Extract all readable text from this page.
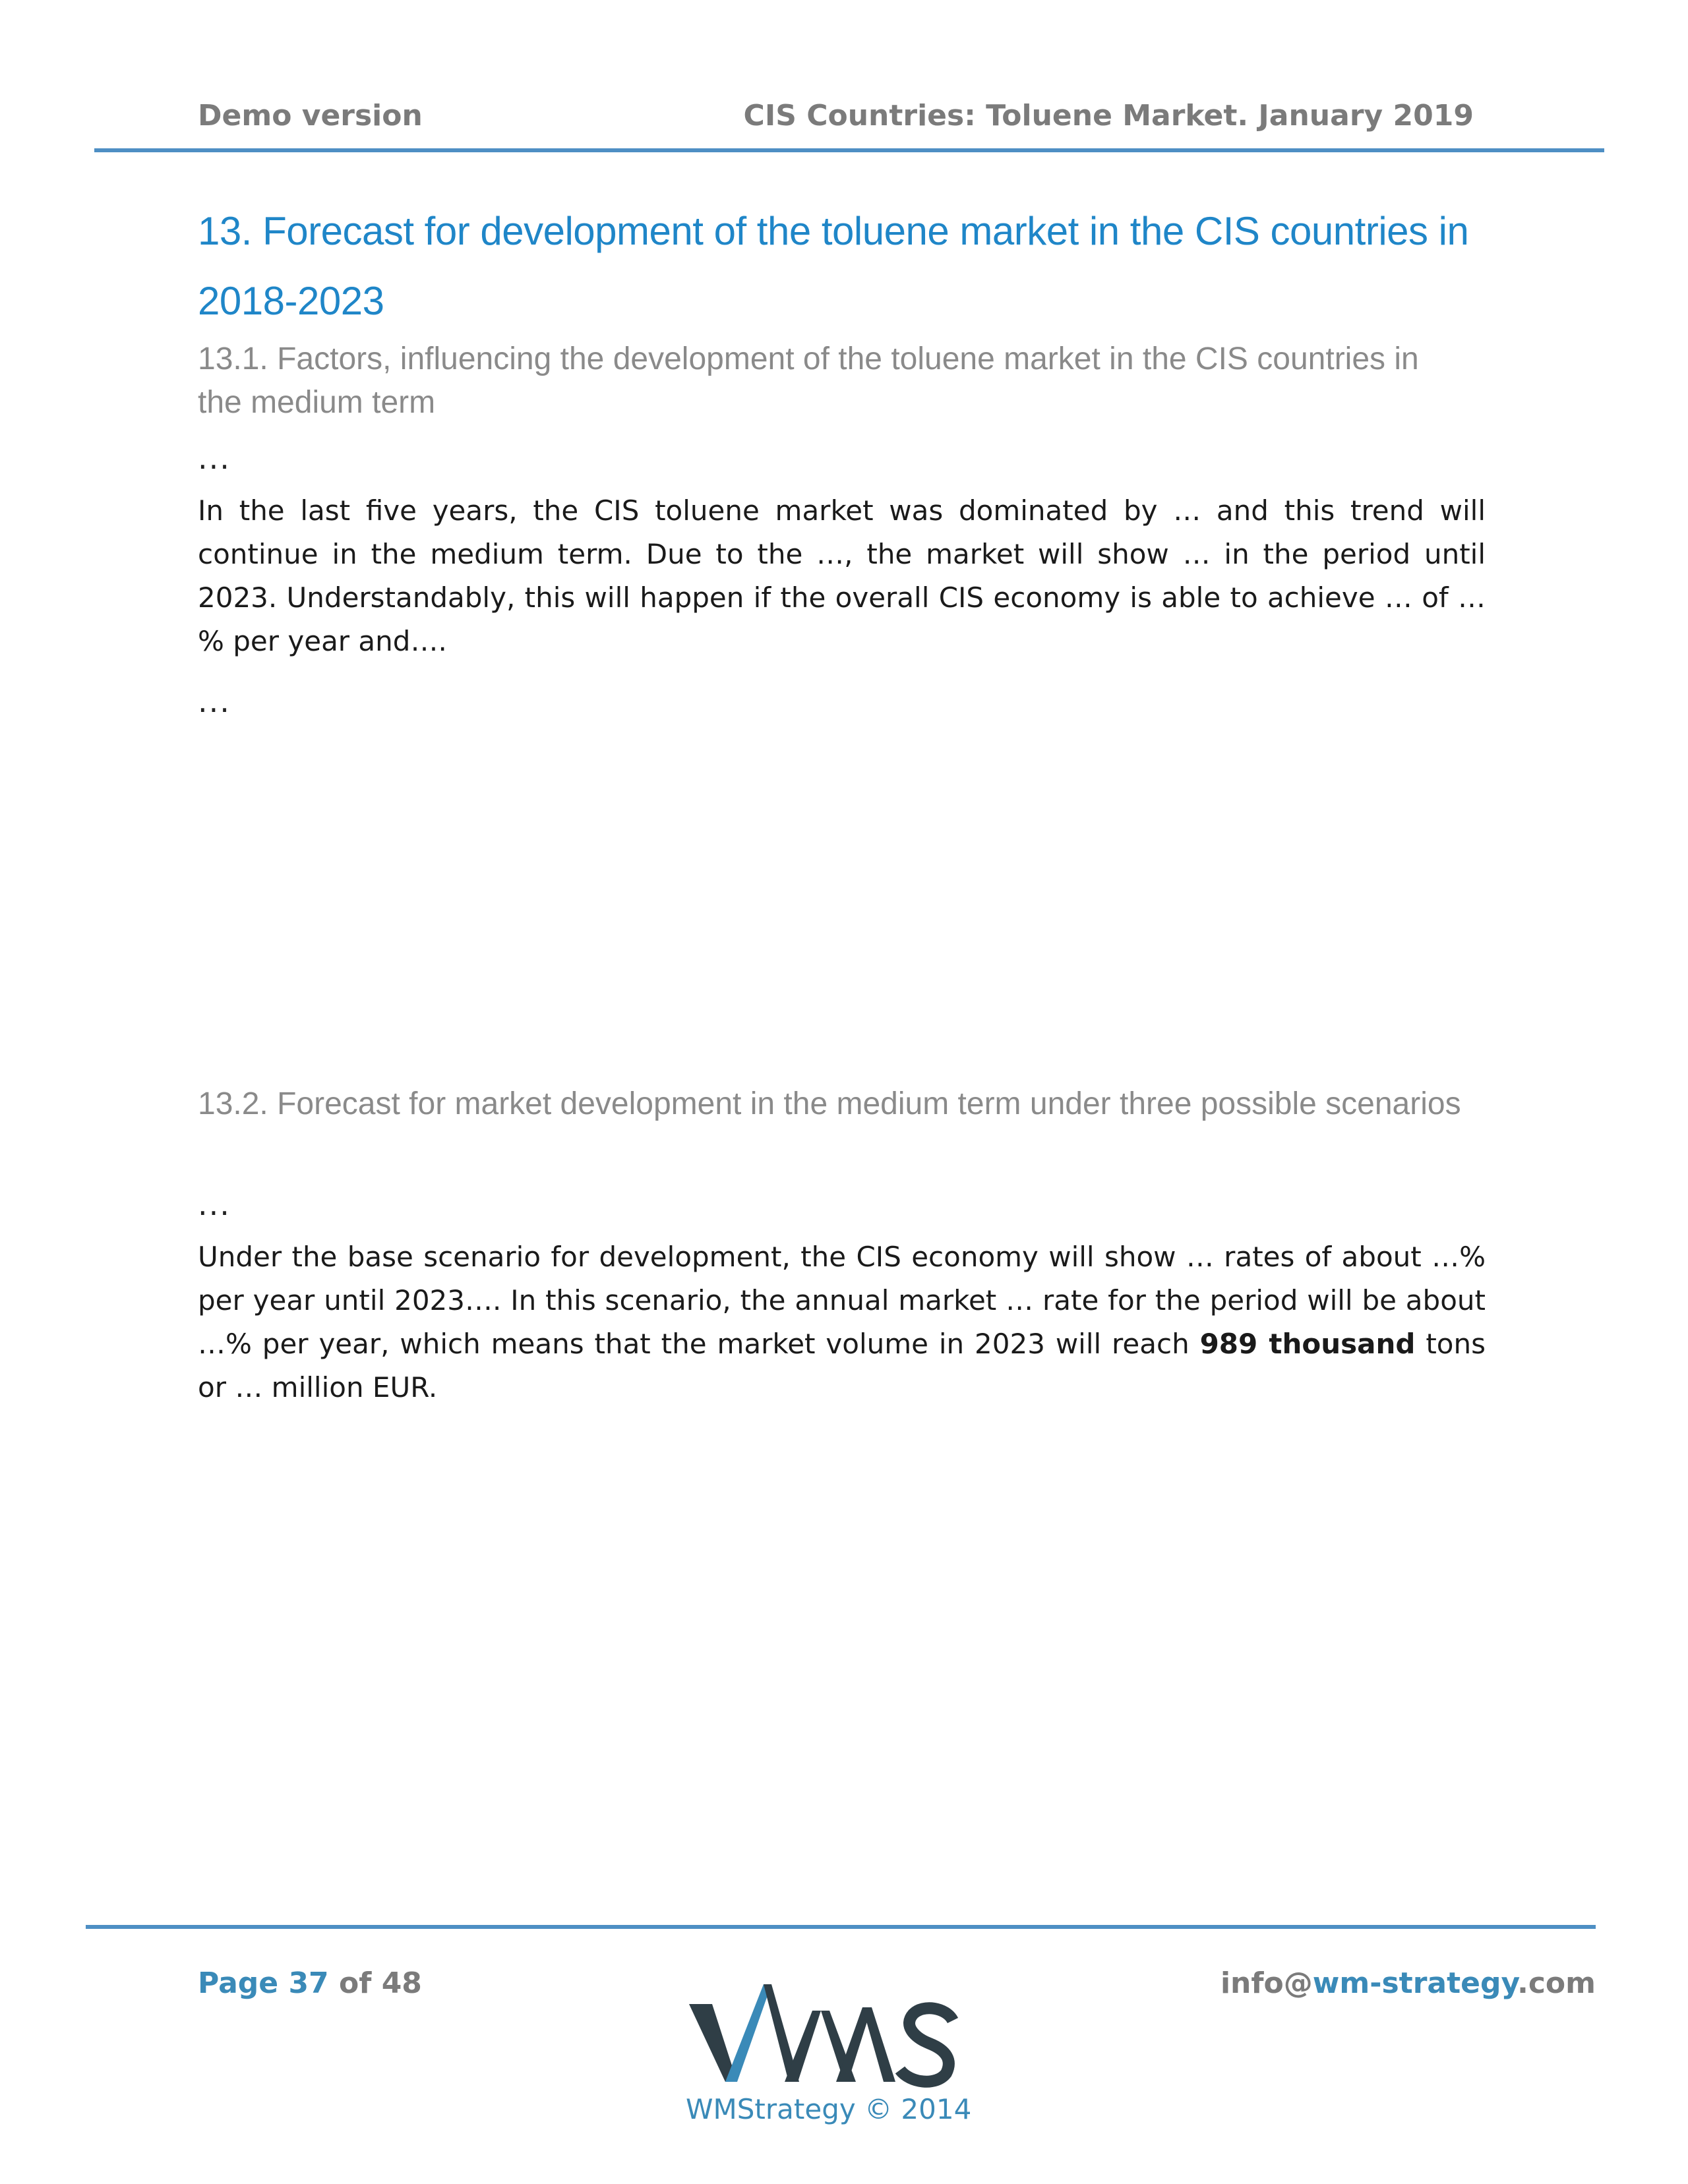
Demo version	CIS Countries: Toluene Market. January 2019

13. Forecast for development of the toluene market in the CIS countries in

2018-2023

13.1. Factors, influencing the development of the toluene market in the CIS countries in

the medium term

...

In the last five years, the CIS toluene market was dominated by … and this trend will continue in the medium term. Due to the …, the market will show … in the period until 2023. Understandably, this will happen if the overall CIS economy is able to achieve … of …% per year and….

...

13.2. Forecast for market development in the medium term under three possible scenarios

...

Under the base scenario for development, the CIS economy will show … rates of about …% per year until 2023…. In this scenario, the annual market … rate for the period will be about …% per year, which means that the market volume in 2023 will reach 989 thousand tons or … million EUR.

Page 37 of 48	info@wm-strategy.com
WMStrategy © 2014
